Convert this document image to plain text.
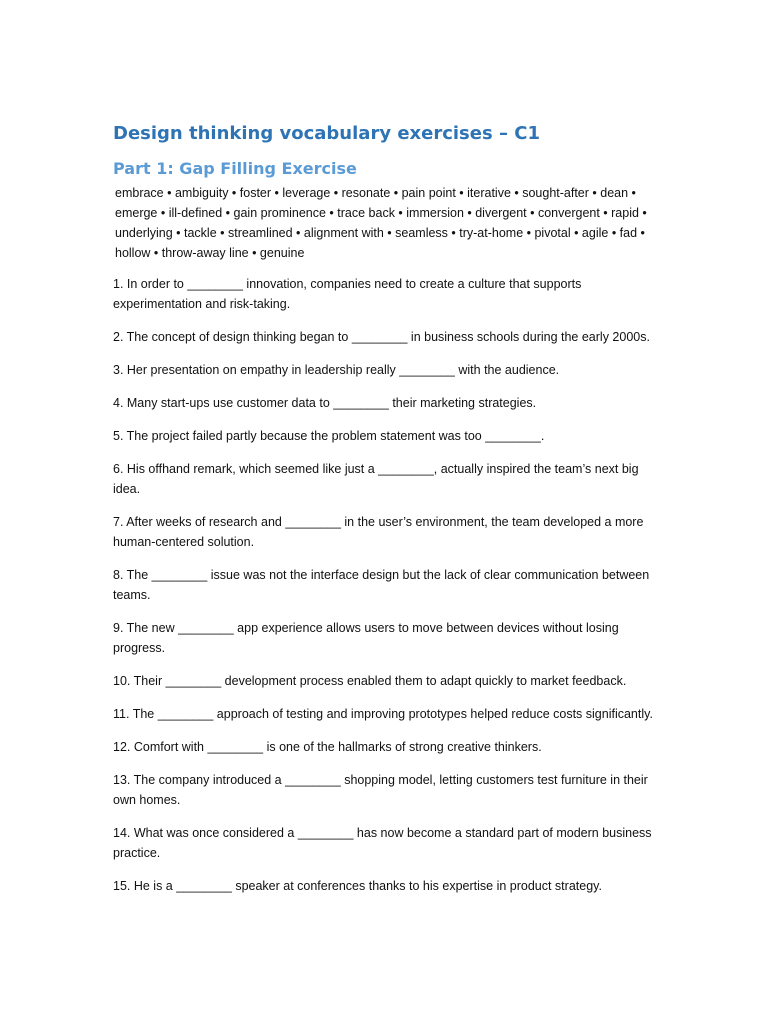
Design thinking vocabulary exercises – C1
Part 1: Gap Filling Exercise

embrace • ambiguity • foster • leverage • resonate • pain point • iterative • sought-after • dean • emerge • ill-defined • gain prominence • trace back • immersion • divergent • convergent • rapid • underlying • tackle • streamlined • alignment with • seamless • try-at-home • pivotal • agile • fad • hollow • throw-away line • genuine

1. In order to ________ innovation, companies need to create a culture that supports experimentation and risk-taking.
2. The concept of design thinking began to ________ in business schools during the early 2000s.
3. Her presentation on empathy in leadership really ________ with the audience.
4. Many start-ups use customer data to ________ their marketing strategies.
5. The project failed partly because the problem statement was too ________.
6. His offhand remark, which seemed like just a ________, actually inspired the team’s next big idea.
7. After weeks of research and ________ in the user’s environment, the team developed a more human-centered solution.
8. The ________ issue was not the interface design but the lack of clear communication between teams.
9. The new ________ app experience allows users to move between devices without losing progress.
10. Their ________ development process enabled them to adapt quickly to market feedback.
11. The ________ approach of testing and improving prototypes helped reduce costs significantly.
12. Comfort with ________ is one of the hallmarks of strong creative thinkers.
13. The company introduced a ________ shopping model, letting customers test furniture in their own homes.
14. What was once considered a ________ has now become a standard part of modern business practice.
15. He is a ________ speaker at conferences thanks to his expertise in product strategy.
